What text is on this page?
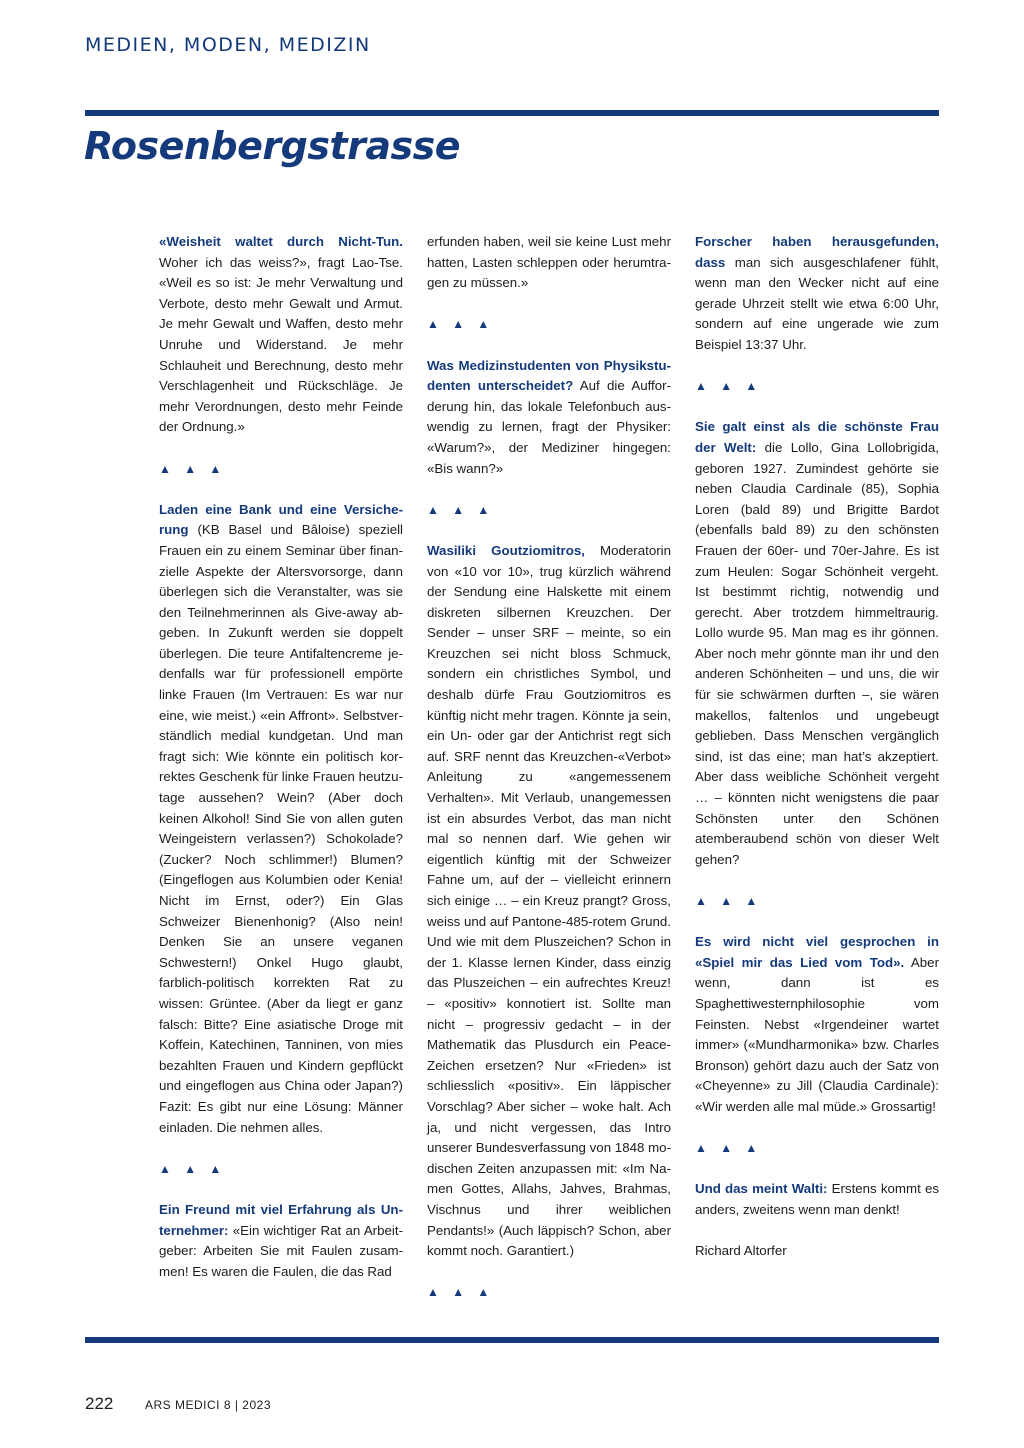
MEDIEN, MODEN, MEDIZIN
Rosenbergstrasse

«Weisheit waltet durch Nicht-Tun. Woher ich das weiss?», fragt Lao-Tse. «Weil es so ist: Je mehr Verwaltung und Verbote, desto mehr Gewalt und Armut. Je mehr Gewalt und Waffen, desto mehr Unruhe und Widerstand. Je mehr Schlauheit und Berechnung, desto mehr Verschlagenheit und Rückschläge. Je mehr Verordnungen, desto mehr Feinde der Ordnung.»

▲ ▲ ▲

Laden eine Bank und eine Versicherung (KB Basel und Bâloise) speziell Frauen ein zu einem Seminar über finanzielle Aspekte der Altersvorsorge, dann überlegen sich die Veranstalter, was sie den Teilnehmerinnen als Give-away abgeben. In Zukunft werden sie doppelt überlegen. Die teure Antifaltencreme jedenfalls war für professionell empörte linke Frauen (Im Vertrauen: Es war nur eine, wie meist.) «ein Affront». Selbstverständlich medial kundgetan. Und man fragt sich: Wie könnte ein politisch korrektes Geschenk für linke Frauen heutzutage aussehen? Wein? (Aber doch keinen Alkohol! Sind Sie von allen guten Weingeistern verlassen?) Schokolade? (Zucker? Noch schlimmer!) Blumen? (Eingeflogen aus Kolumbien oder Kenia! Nicht im Ernst, oder?) Ein Glas Schweizer Bienenhonig? (Also nein! Denken Sie an unsere veganen Schwestern!) Onkel Hugo glaubt, farblich-politisch korrekten Rat zu wissen: Grüntee. (Aber da liegt er ganz falsch: Bitte? Eine asiatische Droge mit Koffein, Katechinen, Tanninen, von mies bezahlten Frauen und Kindern gepflückt und eingeflogen aus China oder Japan?) Fazit: Es gibt nur eine Lösung: Männer einladen. Die nehmen alles.

▲ ▲ ▲

Ein Freund mit viel Erfahrung als Unternehmer: «Ein wichtiger Rat an Arbeitgeber: Arbeiten Sie mit Faulen zusammen! Es waren die Faulen, die das Rad

erfunden haben, weil sie keine Lust mehr hatten, Lasten schleppen oder herumtragen zu müssen.»

▲ ▲ ▲

Was Medizinstudenten von Physikstudenten unterscheidet? Auf die Aufforderung hin, das lokale Telefonbuch auswendig zu lernen, fragt der Physiker: «Warum?», der Mediziner hingegen: «Bis wann?»

▲ ▲ ▲

Wasiliki Goutziomitros, Moderatorin von «10 vor 10», trug kürzlich während der Sendung eine Halskette mit einem diskreten silbernen Kreuzchen. Der Sender – unser SRF – meinte, so ein Kreuzchen sei nicht bloss Schmuck, sondern ein christliches Symbol, und deshalb dürfe Frau Goutziomitros es künftig nicht mehr tragen. Könnte ja sein, ein Un- oder gar der Antichrist regt sich auf. SRF nennt das Kreuzchen-«Verbot» Anleitung zu «angemessenem Verhalten». Mit Verlaub, unangemessen ist ein absurdes Verbot, das man nicht mal so nennen darf. Wie gehen wir eigentlich künftig mit der Schweizer Fahne um, auf der – vielleicht erinnern sich einige … – ein Kreuz prangt? Gross, weiss und auf Pantone-485-rotem Grund. Und wie mit dem Pluszeichen? Schon in der 1. Klasse lernen Kinder, dass einzig das Pluszeichen – ein aufrechtes Kreuz! – «positiv» konnotiert ist. Sollte man nicht – progressiv gedacht – in der Mathematik das Plusdurch ein Peace-Zeichen ersetzen? Nur «Frieden» ist schliesslich «positiv». Ein läppischer Vorschlag? Aber sicher – woke halt. Ach ja, und nicht vergessen, das Intro unserer Bundesverfassung von 1848 modischen Zeiten anzupassen mit: «Im Namen Gottes, Allahs, Jahves, Brahmas, Vischnus und ihrer weiblichen Pendants!» (Auch läppisch? Schon, aber kommt noch. Garantiert.)

▲ ▲ ▲

Forscher haben herausgefunden, dass man sich ausgeschlafener fühlt, wenn man den Wecker nicht auf eine gerade Uhrzeit stellt wie etwa 6:00 Uhr, sondern auf eine ungerade wie zum Beispiel 13:37 Uhr.

▲ ▲ ▲

Sie galt einst als die schönste Frau der Welt: die Lollo, Gina Lollobrigida, geboren 1927. Zumindest gehörte sie neben Claudia Cardinale (85), Sophia Loren (bald 89) und Brigitte Bardot (ebenfalls bald 89) zu den schönsten Frauen der 60er- und 70er-Jahre. Es ist zum Heulen: Sogar Schönheit vergeht. Ist bestimmt richtig, notwendig und gerecht. Aber trotzdem himmeltraurig. Lollo wurde 95. Man mag es ihr gönnen. Aber noch mehr gönnte man ihr und den anderen Schönheiten – und uns, die wir für sie schwärmen durften –, sie wären makellos, faltenlos und ungebeugt geblieben. Dass Menschen vergänglich sind, ist das eine; man hat’s akzeptiert. Aber dass weibliche Schönheit vergeht … – könnten nicht wenigstens die paar Schönsten unter den Schönen atemberaubend schön von dieser Welt gehen?

▲ ▲ ▲

Es wird nicht viel gesprochen in «Spiel mir das Lied vom Tod». Aber wenn, dann ist es Spaghettiwesternphilosophie vom Feinsten. Nebst «Irgendeiner wartet immer» («Mundharmonika» bzw. Charles Bronson) gehört dazu auch der Satz von «Cheyenne» zu Jill (Claudia Cardinale): «Wir werden alle mal müde.» Grossartig!

▲ ▲ ▲

Und das meint Walti: Erstens kommt es anders, zweitens wenn man denkt!

Richard Altorfer

222	ARS MEDICI 8 | 2023
